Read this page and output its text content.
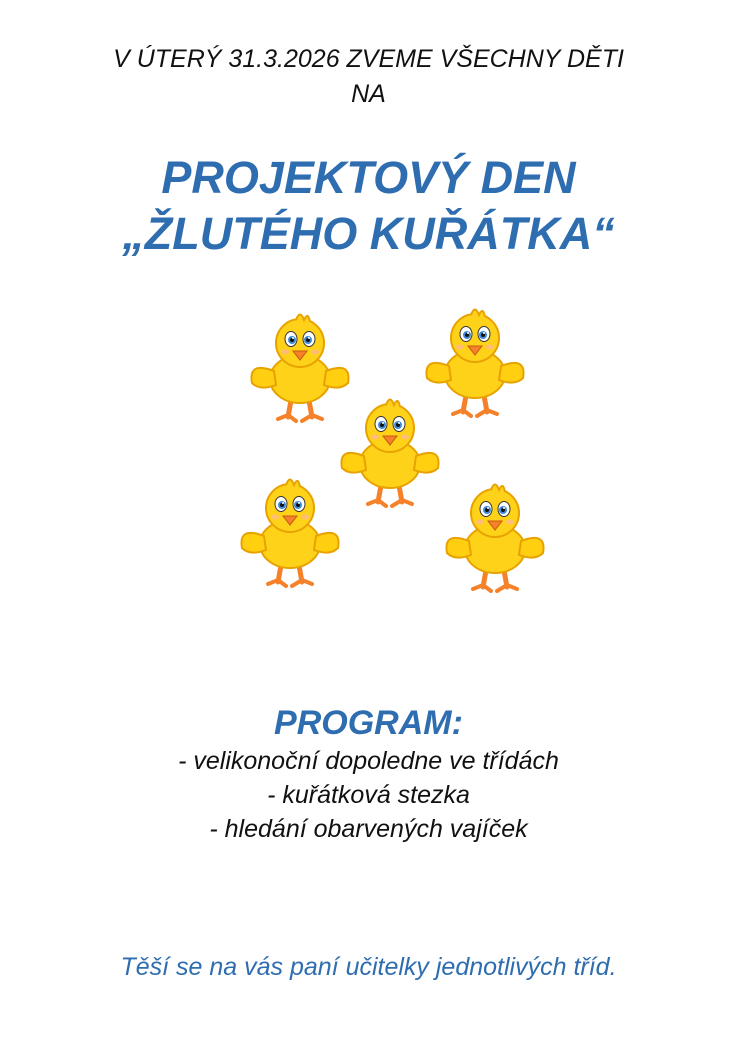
V ÚTERÝ 31.3.2026 ZVEME VŠECHNY DĚTI
NA
PROJEKTOVÝ DEN
„ŽLUTÉHO KUŘÁTKA“
PROGRAM:
- velikonoční dopoledne ve třídách
- kuřátková stezka
- hledání obarvených vajíček
Těší se na vás paní učitelky jednotlivých tříd.
